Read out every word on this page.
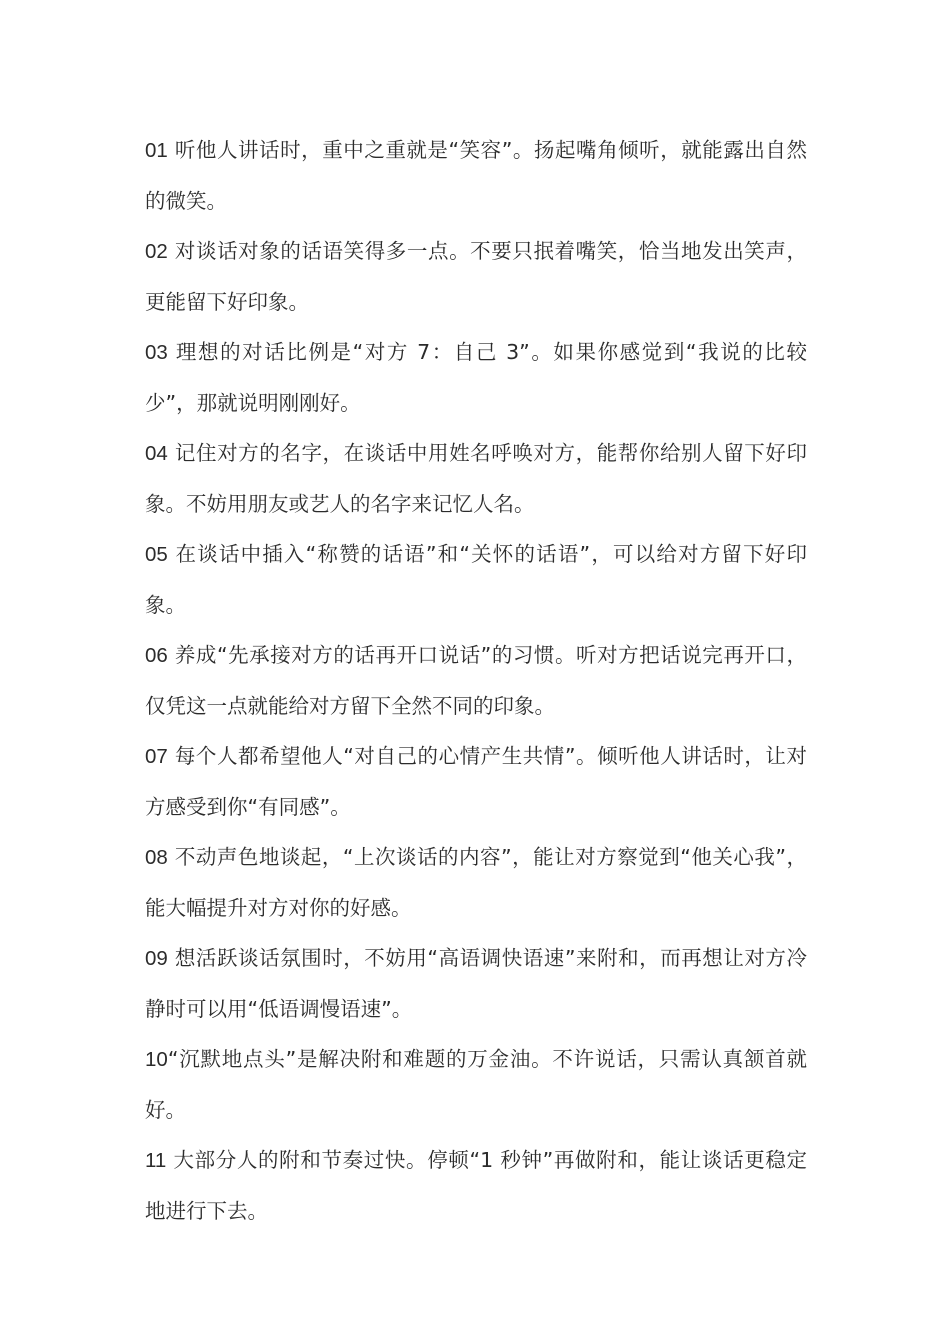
01 听他人讲话时，重中之重就是“笑容”。扬起嘴角倾听，就能露出自然的微笑。

02 对谈话对象的话语笑得多一点。不要只抿着嘴笑，恰当地发出笑声，更能留下好印象。

03 理想的对话比例是“对方 7：自己 3”。如果你感觉到“我说的比较少”，那就说明刚刚好。

04 记住对方的名字，在谈话中用姓名呼唤对方，能帮你给别人留下好印象。不妨用朋友或艺人的名字来记忆人名。

05 在谈话中插入“称赞的话语”和“关怀的话语”，可以给对方留下好印象。

06 养成“先承接对方的话再开口说话”的习惯。听对方把话说完再开口，仅凭这一点就能给对方留下全然不同的印象。

07 每个人都希望他人“对自己的心情产生共情”。倾听他人讲话时，让对方感受到你“有同感”。

08 不动声色地谈起，“上次谈话的内容”，能让对方察觉到“他关心我”，能大幅提升对方对你的好感。

09 想活跃谈话氛围时，不妨用“高语调快语速”来附和，而再想让对方冷静时可以用“低语调慢语速”。

10“沉默地点头”是解决附和难题的万金油。不许说话，只需认真颔首就好。

11 大部分人的附和节奏过快。停顿“1 秒钟”再做附和，能让谈话更稳定地进行下去。
